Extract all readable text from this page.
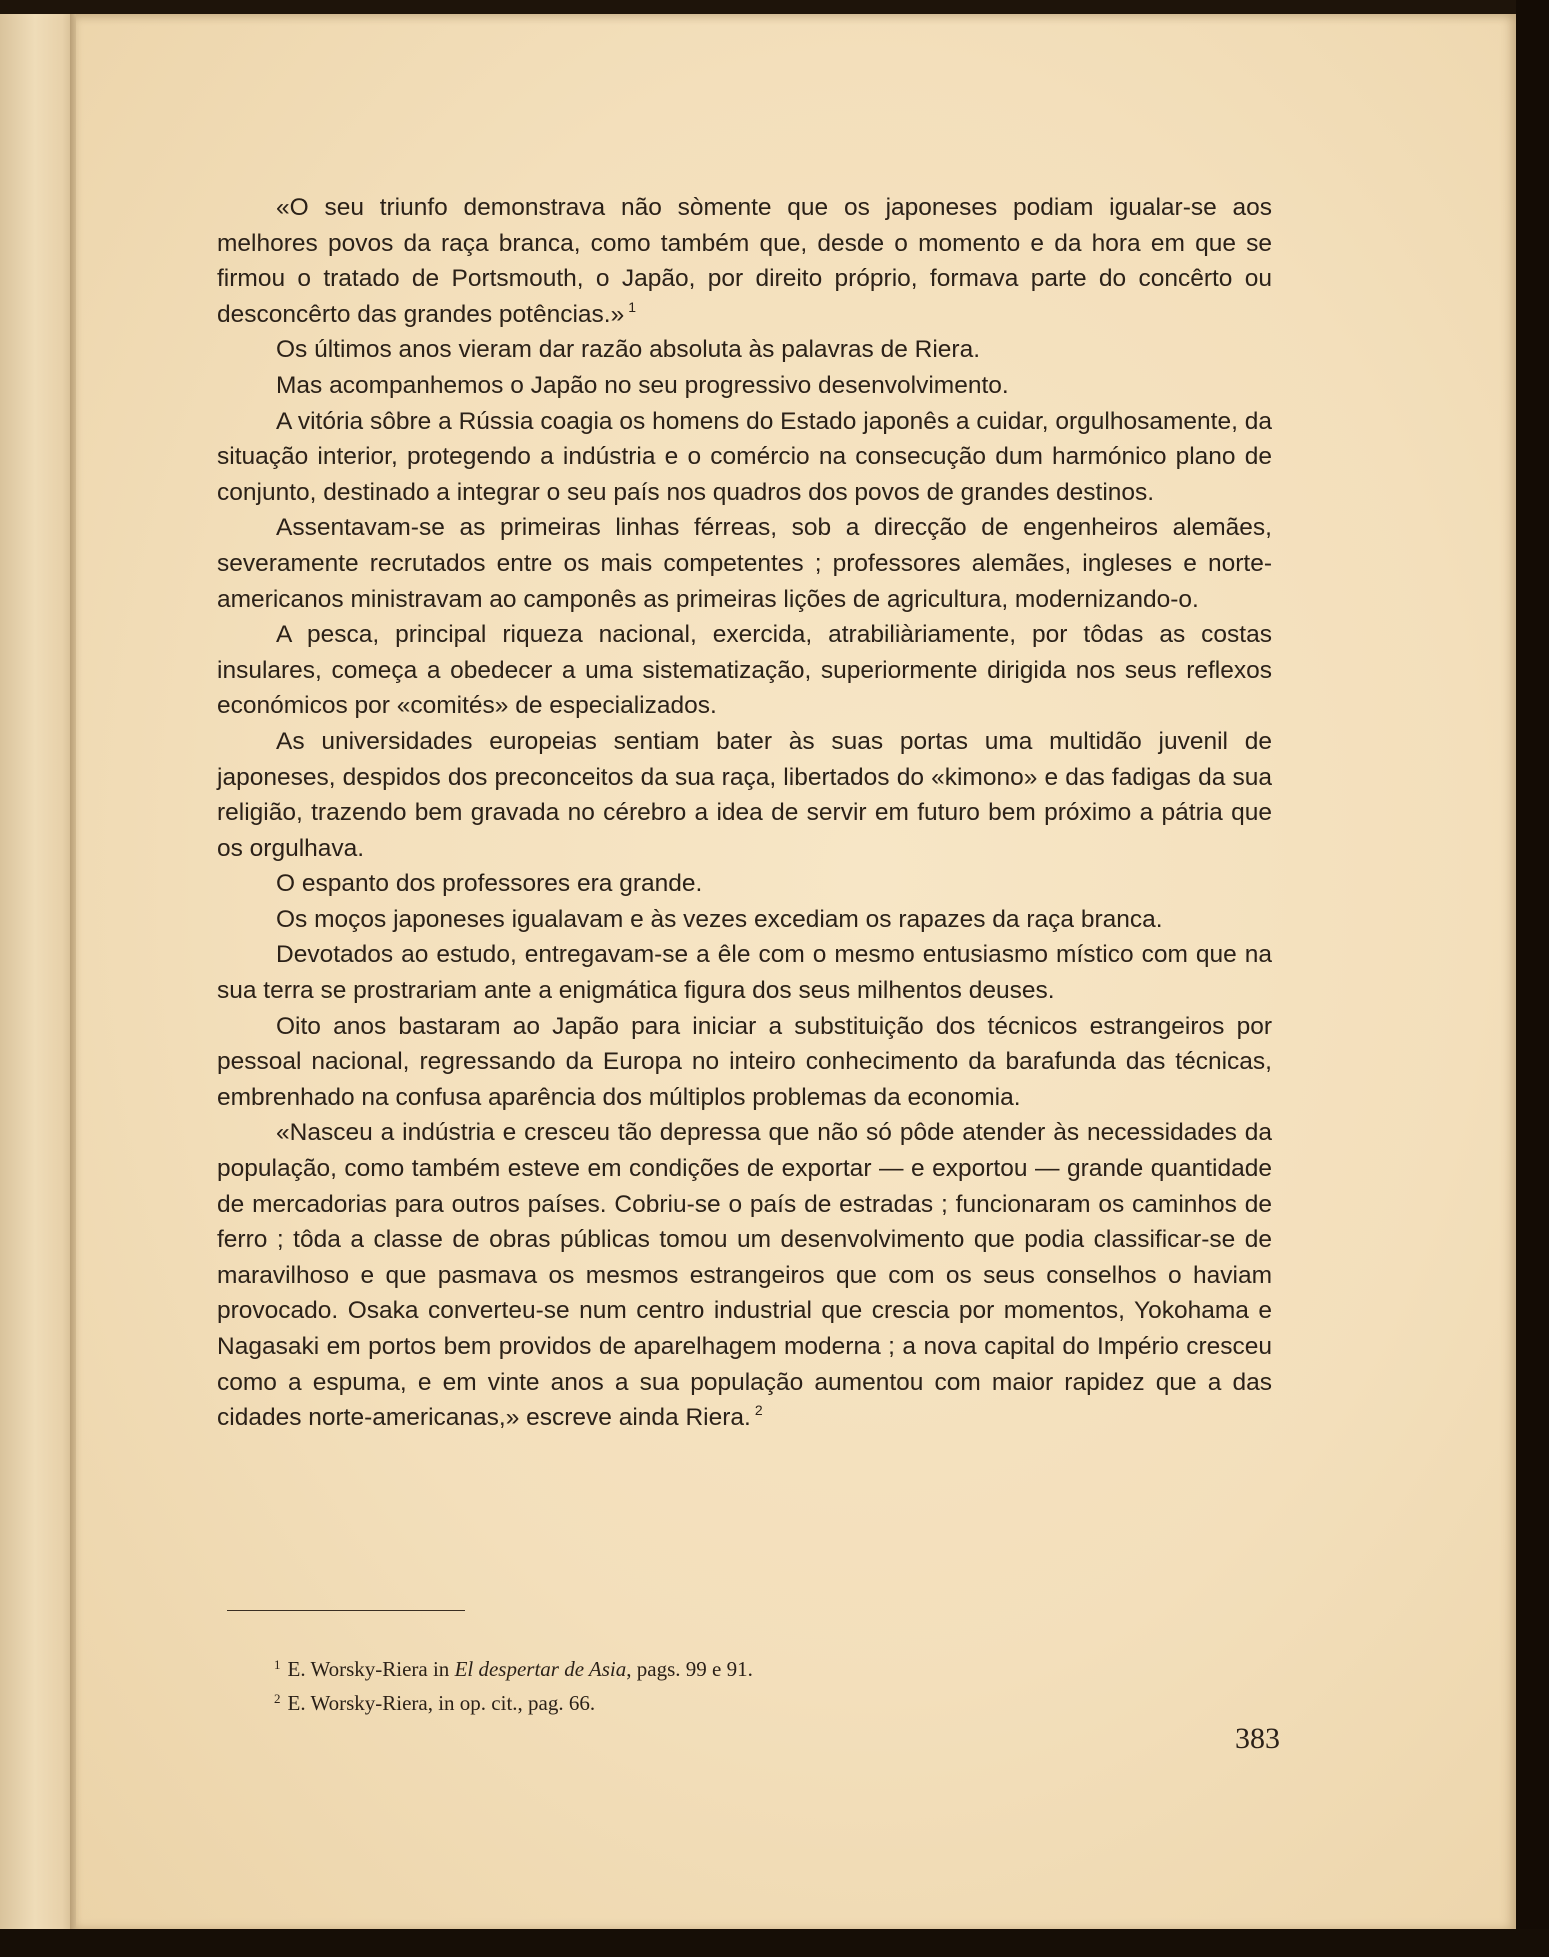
«O seu triunfo demonstrava não sòmente que os japoneses podiam igualar-se aos melhores povos da raça branca, como também que, desde o momento e da hora em que se firmou o tratado de Portsmouth, o Japão, por direito próprio, formava parte do concêrto ou desconcêrto das grandes potências.» $^1$

Os últimos anos vieram dar razão absoluta às palavras de Riera.

Mas acompanhemos o Japão no seu progressivo desenvolvimento.

A vitória sôbre a Rússia coagia os homens do Estado japonês a cuidar, orgulhosamente, da situação interior, protegendo a indústria e o comércio na consecução dum harmónico plano de conjunto, destinado a integrar o seu país nos quadros dos povos de grandes destinos.

Assentavam-se as primeiras linhas férreas, sob a direcção de engenheiros alemães, severamente recrutados entre os mais competentes ; professores alemães, ingleses e norte-americanos ministravam ao camponês as primeiras lições de agricultura, modernizando-o.

A pesca, principal riqueza nacional, exercida, atrabiliàriamente, por tôdas as costas insulares, começa a obedecer a uma sistematização, superiormente dirigida nos seus reflexos económicos por «comités» de especializados.

As universidades europeias sentiam bater às suas portas uma multidão juvenil de japoneses, despidos dos preconceitos da sua raça, libertados do «kimono» e das fadigas da sua religião, trazendo bem gravada no cérebro a idea de servir em futuro bem próximo a pátria que os orgulhava.

O espanto dos professores era grande.

Os moços japoneses igualavam e às vezes excediam os rapazes da raça branca.

Devotados ao estudo, entregavam-se a êle com o mesmo entusiasmo místico com que na sua terra se prostrariam ante a enigmática figura dos seus milhentos deuses.

Oito anos bastaram ao Japão para iniciar a substituição dos técnicos estrangeiros por pessoal nacional, regressando da Europa no inteiro conhecimento da barafunda das técnicas, embrenhado na confusa aparência dos múltiplos problemas da economia.

«Nasceu a indústria e cresceu tão depressa que não só pôde atender às necessidades da população, como também esteve em condições de exportar — e exportou — grande quantidade de mercadorias para outros países. Cobriu-se o país de estradas ; funcionaram os caminhos de ferro ; tôda a classe de obras públicas tomou um desenvolvimento que podia classificar-se de maravilhoso e que pasmava os mesmos estrangeiros que com os seus conselhos o haviam provocado. Osaka converteu-se num centro industrial que crescia por momentos, Yokohama e Nagasaki em portos bem providos de aparelhagem moderna ; a nova capital do Império cresceu como a espuma, e em vinte anos a sua população aumentou com maior rapidez que a das cidades norte-americanas,» escreve ainda Riera. $^2$

$^1$ E. Worsky-Riera in El despertar de Asia, pags. 99 e 91.

$^2$ E. Worsky-Riera, in op. cit., pag. 66.

383
